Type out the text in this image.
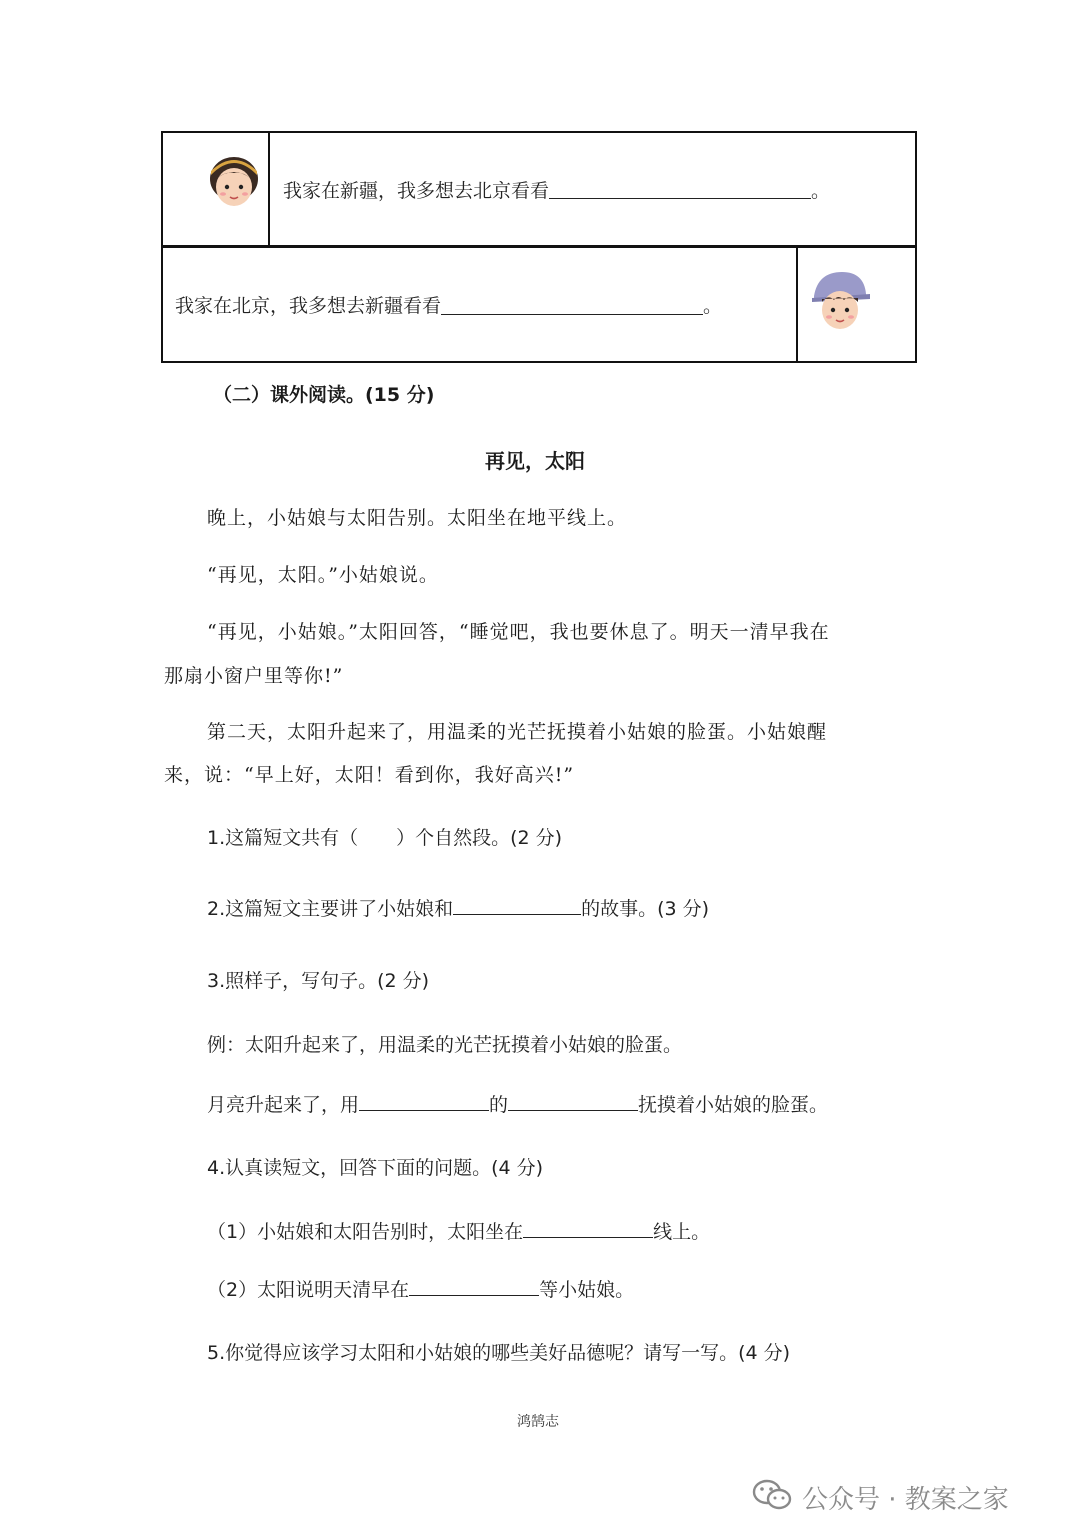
我家在新疆，我多想去北京看看	。
我家在北京，我多想去新疆看看	。
（二）课外阅读。(15 分)
再见，太阳
晚上，小姑娘与太阳告别。太阳坐在地平线上。
“再见，太阳。”小姑娘说。
“再见，小姑娘。”太阳回答，“睡觉吧，我也要休息了。明天一清早我在
那扇小窗户里等你!”
第二天，太阳升起来了，用温柔的光芒抚摸着小姑娘的脸蛋。小姑娘醒
来，说：“早上好，太阳！看到你，我好高兴!”
1.这篇短文共有（　　）个自然段。(2 分)
2.这篇短文主要讲了小姑娘和	的故事。(3 分)
3.照样子，写句子。(2 分)
例：太阳升起来了，用温柔的光芒抚摸着小姑娘的脸蛋。
月亮升起来了，用	的	抚摸着小姑娘的脸蛋。
4.认真读短文，回答下面的问题。(4 分)
（1）小姑娘和太阳告别时，太阳坐在	线上。
（2）太阳说明天清早在	等小姑娘。
5.你觉得应该学习太阳和小姑娘的哪些美好品德呢？请写一写。(4 分)
鸿鹄志
公众号 · 教案之家
